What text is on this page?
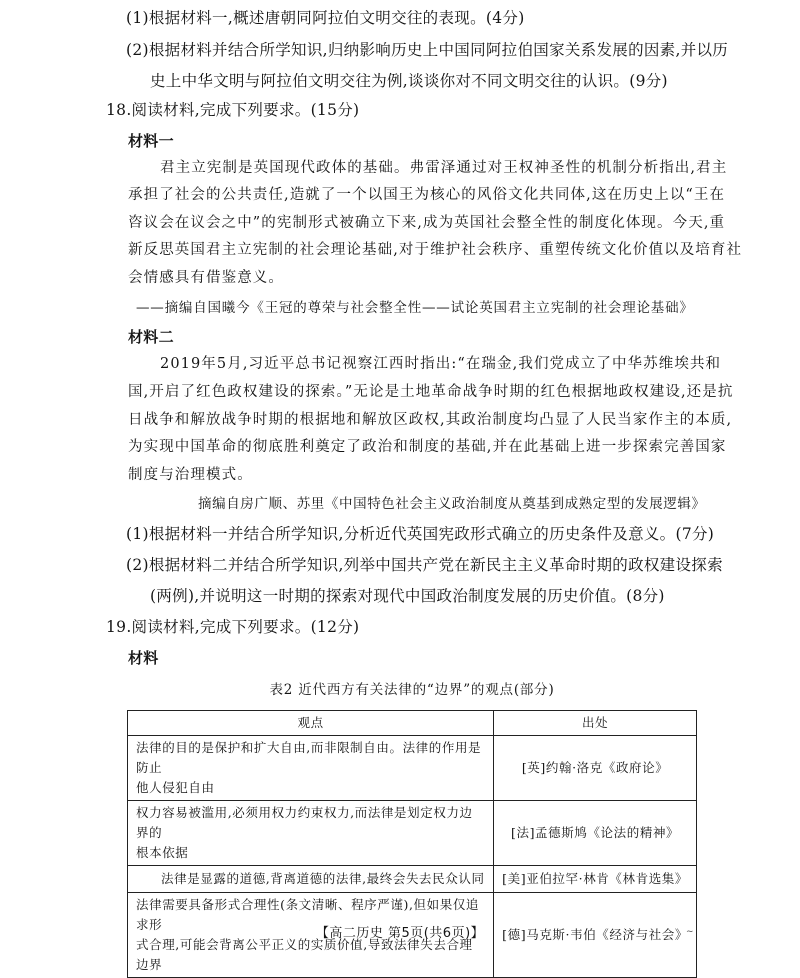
(1)根据材料一,概述唐朝同阿拉伯文明交往的表现。(4分)
(2)根据材料并结合所学知识,归纳影响历史上中国同阿拉伯国家关系发展的因素,并以历
史上中华文明与阿拉伯文明交往为例,谈谈你对不同文明交往的认识。(9分)
18.阅读材料,完成下列要求。(15分)
材料一
君主立宪制是英国现代政体的基础。弗雷泽通过对王权神圣性的机制分析指出,君主
承担了社会的公共责任,造就了一个以国王为核心的风俗文化共同体,这在历史上以“王在
咨议会在议会之中”的宪制形式被确立下来,成为英国社会整全性的制度化体现。今天,重
新反思英国君主立宪制的社会理论基础,对于维护社会秩序、重塑传统文化价值以及培育社
会情感具有借鉴意义。
——摘编自国曦今《王冠的尊荣与社会整全性——试论英国君主立宪制的社会理论基础》
材料二
2019年5月,习近平总书记视察江西时指出:“在瑞金,我们党成立了中华苏维埃共和
国,开启了红色政权建设的探索。”无论是土地革命战争时期的红色根据地政权建设,还是抗
日战争和解放战争时期的根据地和解放区政权,其政治制度均凸显了人民当家作主的本质,
为实现中国革命的彻底胜利奠定了政治和制度的基础,并在此基础上进一步探索完善国家
制度与治理模式。
摘编自房广顺、苏里《中国特色社会主义政治制度从奠基到成熟定型的发展逻辑》
(1)根据材料一并结合所学知识,分析近代英国宪政形式确立的历史条件及意义。(7分)
(2)根据材料二并结合所学知识,列举中国共产党在新民主主义革命时期的政权建设探索
(两例),并说明这一时期的探索对现代中国政治制度发展的历史价值。(8分)
19.阅读材料,完成下列要求。(12分)
材料
表2 近代西方有关法律的“边界”的观点(部分)
观点	出处

法律的目的是保护和扩大自由,而非限制自由。法律的作用是防止
他人侵犯自由	[英]约翰·洛克《政府论》

权力容易被滥用,必须用权力约束权力,而法律是划定权力边界的
根本依据	[法]孟德斯鸠《论法的精神》

法律是显露的道德,背离道德的法律,最终会失去民众认同	[美]亚伯拉罕·林肯《林肯选集》

法律需要具备形式合理性(条文清晰、程序严谨),但如果仅追求形
式合理,可能会背离公平正义的实质价值,导致法律失去合理边界	[德]马克斯·韦伯《经济与社会》
【高二历史 第5页(共6页)】	~
